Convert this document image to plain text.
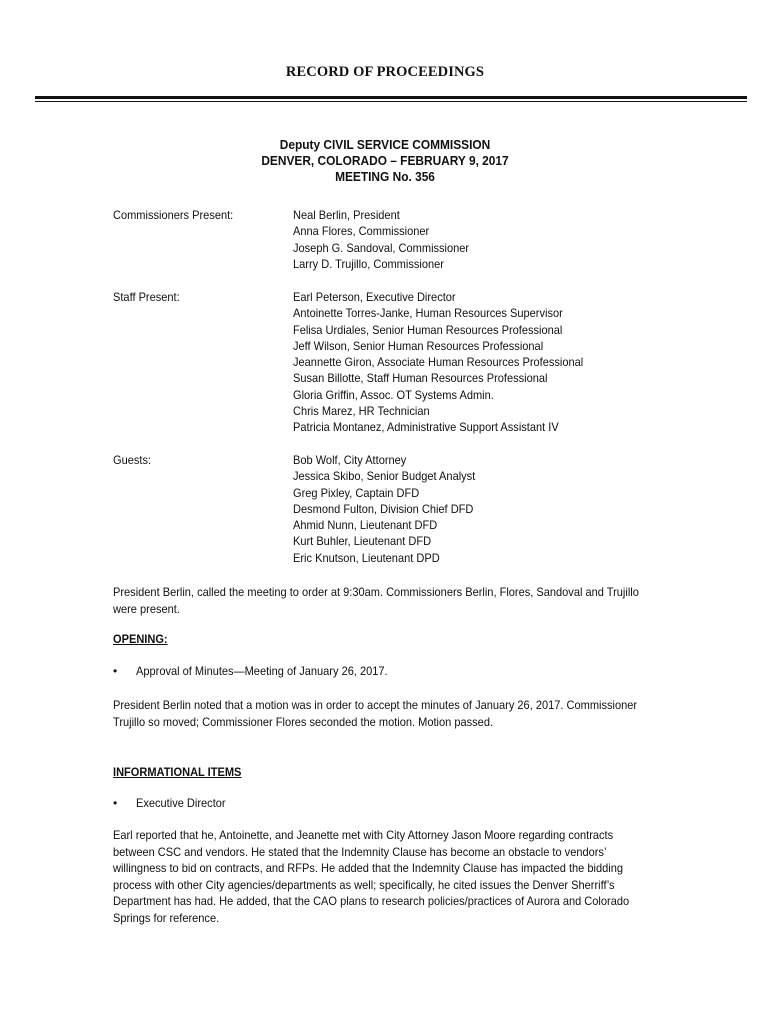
RECORD OF PROCEEDINGS
Deputy CIVIL SERVICE COMMISSION
DENVER, COLORADO – FEBRUARY 9, 2017
MEETING No. 356
Commissioners Present:	Neal Berlin, President
Anna Flores, Commissioner
Joseph G. Sandoval, Commissioner
Larry D. Trujillo, Commissioner
Staff Present:	Earl Peterson, Executive Director
Antoinette Torres-Janke, Human Resources Supervisor
Felisa Urdiales, Senior Human Resources Professional
Jeff Wilson, Senior Human Resources Professional
Jeannette Giron, Associate Human Resources Professional
Susan Billotte, Staff Human Resources Professional
Gloria Griffin, Assoc. OT Systems Admin.
Chris Marez, HR Technician
Patricia Montanez, Administrative Support Assistant IV
Guests:	Bob Wolf, City Attorney
Jessica Skibo, Senior Budget Analyst
Greg Pixley, Captain DFD
Desmond Fulton, Division Chief DFD
Ahmid Nunn, Lieutenant DFD
Kurt Buhler, Lieutenant DFD
Eric Knutson, Lieutenant DPD
President Berlin, called the meeting to order at 9:30am. Commissioners Berlin, Flores, Sandoval and Trujillo
were present.
OPENING:
• Approval of Minutes—Meeting of January 26, 2017.
President Berlin noted that a motion was in order to accept the minutes of January 26, 2017. Commissioner
Trujillo so moved; Commissioner Flores seconded the motion. Motion passed.
INFORMATIONAL ITEMS
• Executive Director
Earl reported that he, Antoinette, and Jeanette met with City Attorney Jason Moore regarding contracts
between CSC and vendors. He stated that the Indemnity Clause has become an obstacle to vendors’
willingness to bid on contracts, and RFPs. He added that the Indemnity Clause has impacted the bidding
process with other City agencies/departments as well; specifically, he cited issues the Denver Sherriff’s
Department has had. He added, that the CAO plans to research policies/practices of Aurora and Colorado
Springs for reference.
